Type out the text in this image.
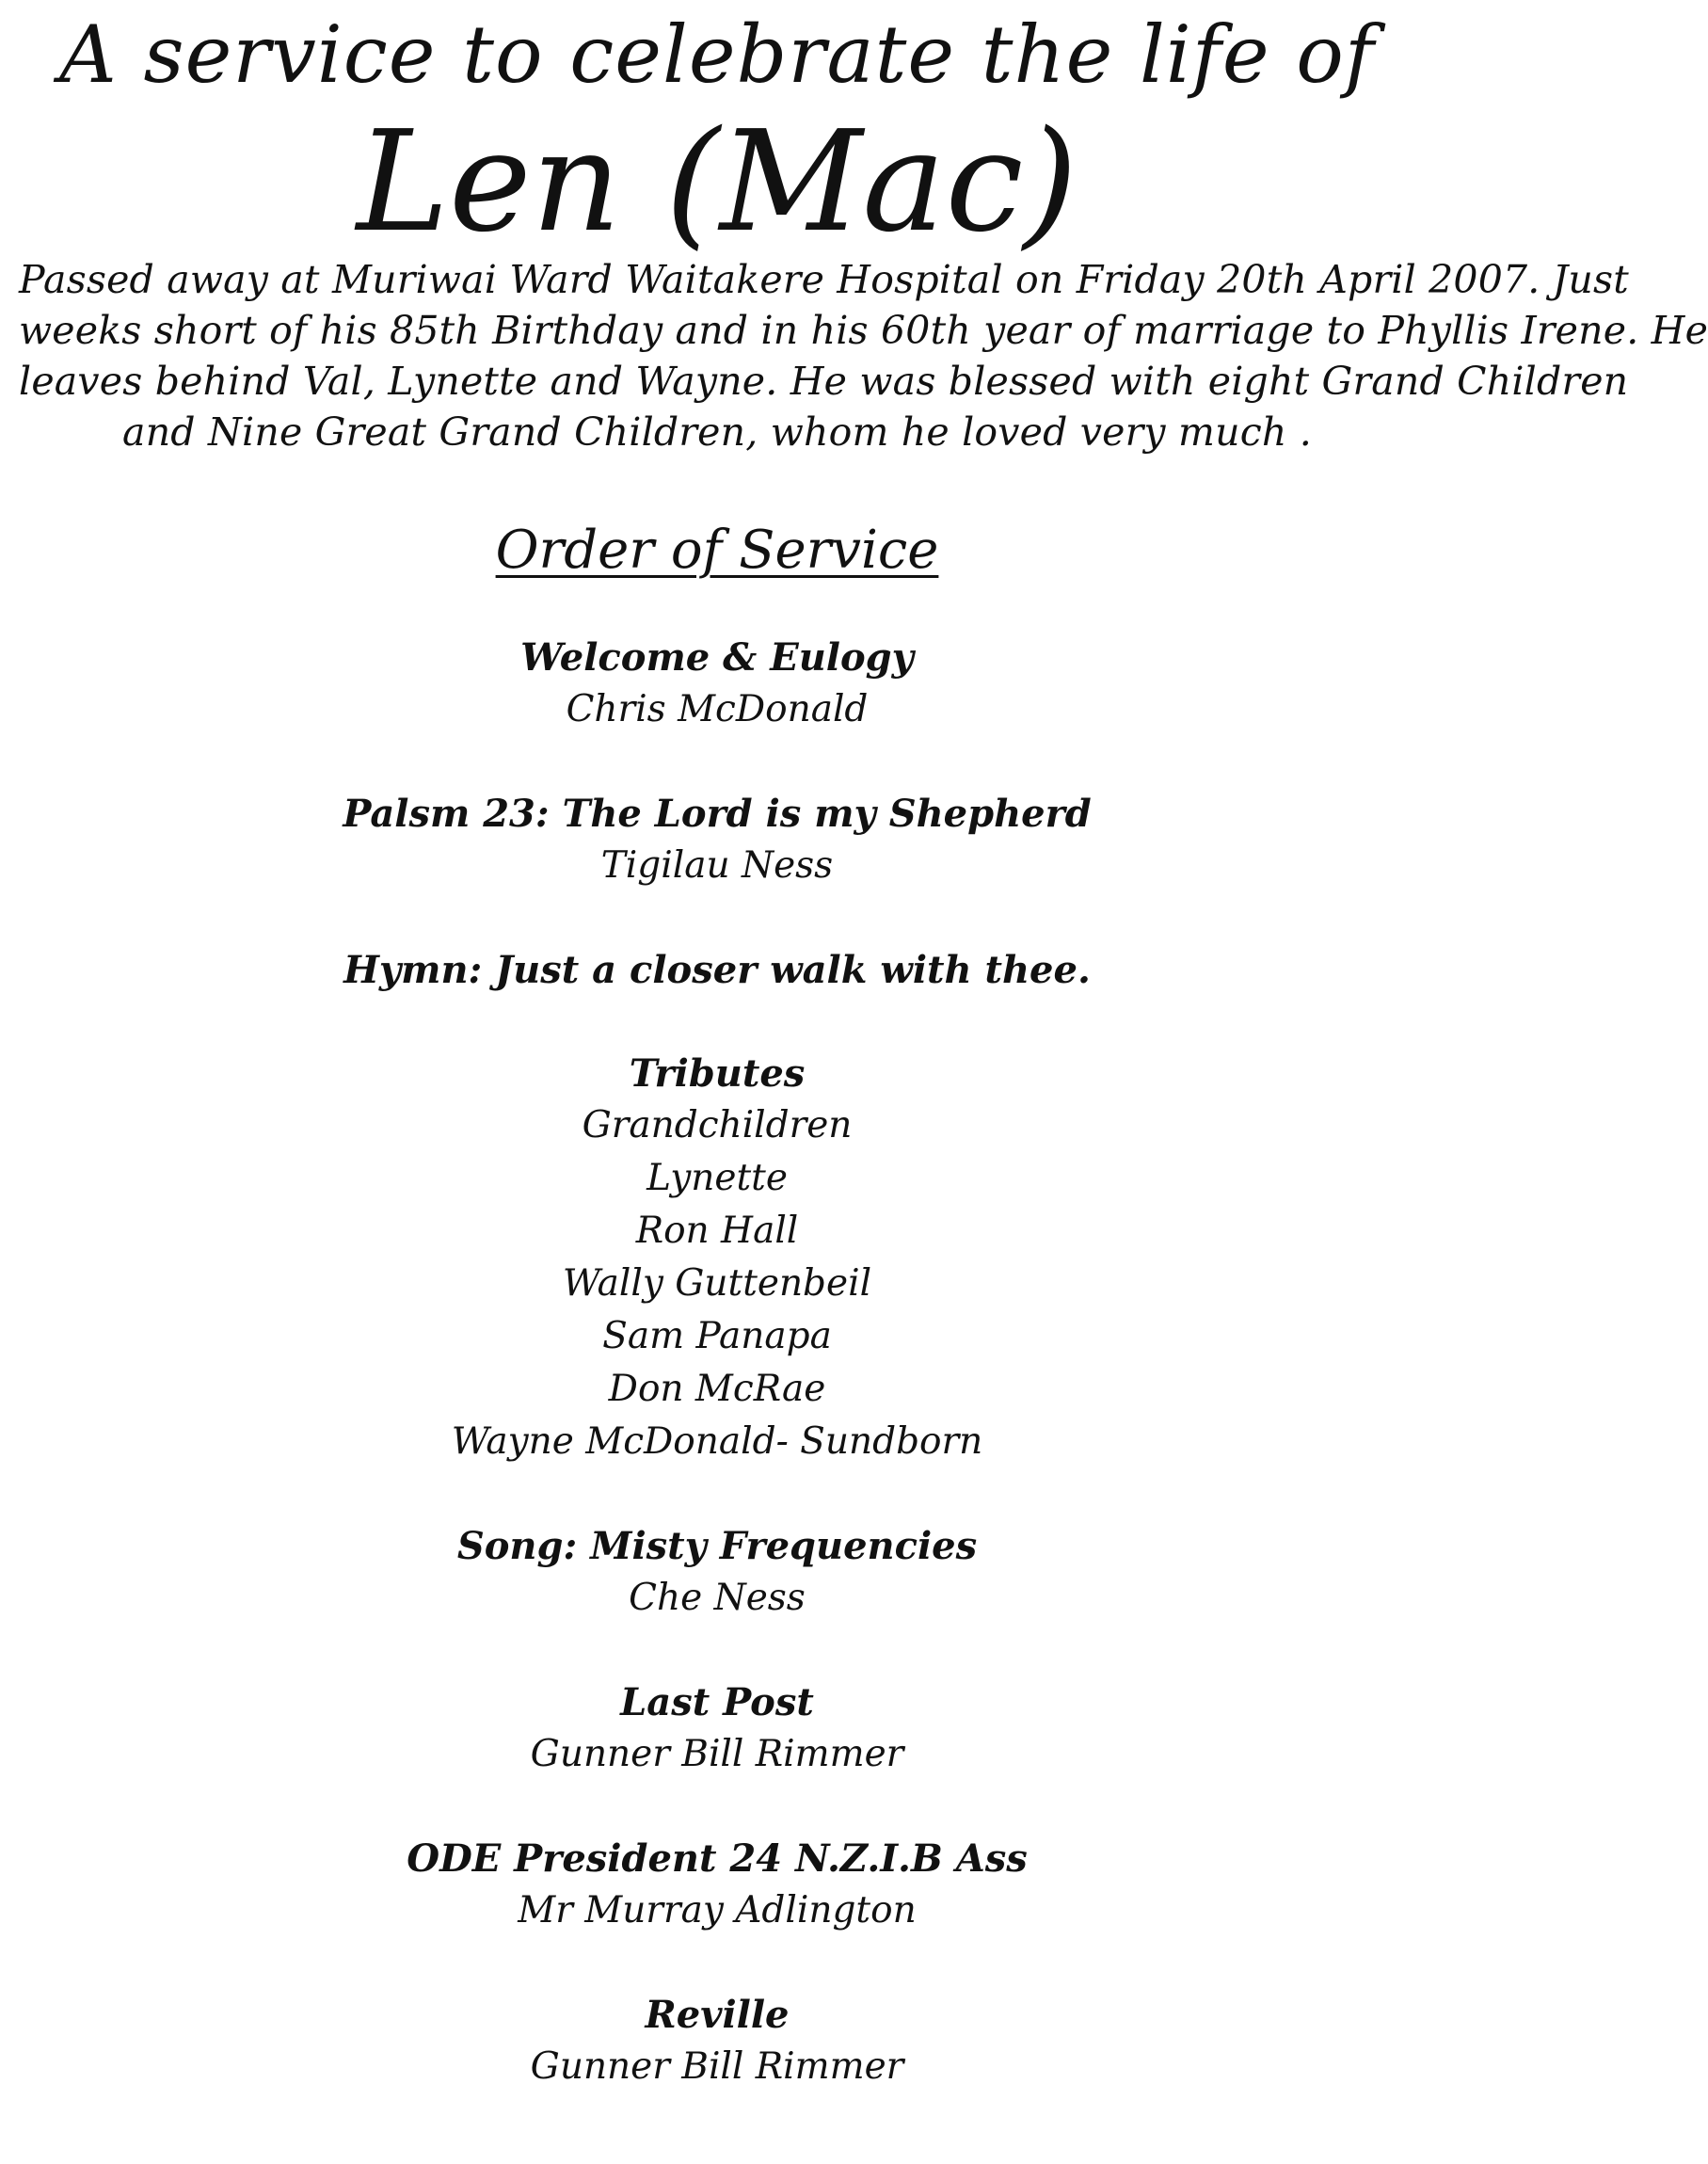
A service to celebrate the life of
Len (Mac)
Passed away at Muriwai Ward Waitakere Hospital on Friday 20th April 2007. Just
weeks short of his 85th Birthday and in his 60th year of marriage to Phyllis Irene. He
leaves behind Val, Lynette and Wayne. He was blessed with eight Grand Children
and Nine Great Grand Children, whom he loved very much .
Order of Service
Welcome & Eulogy
Chris McDonald
Palsm 23: The Lord is my Shepherd
Tigilau Ness
Hymn: Just a closer walk with thee.
Tributes
Grandchildren
Lynette
Ron Hall
Wally Guttenbeil
Sam Panapa
Don McRae
Wayne McDonald- Sundborn
Song: Misty Frequencies
Che Ness
Last Post
Gunner Bill Rimmer
ODE President 24 N.Z.I.B Ass
Mr Murray Adlington
Reville
Gunner Bill Rimmer
